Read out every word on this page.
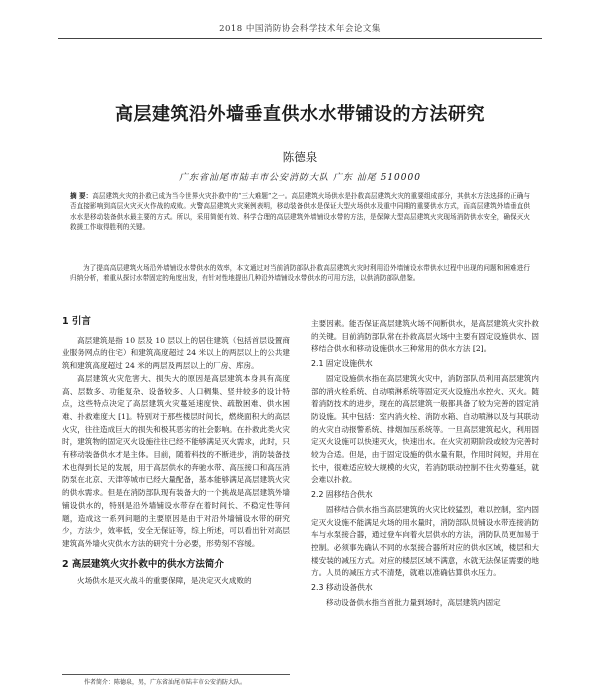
2018 中国消防协会科学技术年会论文集
高层建筑沿外墙垂直供水水带铺设的方法研究
陈德泉
广东省汕尾市陆丰市公安消防大队 广东 汕尾 510000
摘 要：高层建筑火灾的扑救已成为当今世界火灾扑救中的“三大难题”之一。高层建筑火场供水是扑救高层建筑火灾的重要组成部分，其供水方法选择的正确与否直接影响到高层火灾灭火作战的成败。火警高层建筑火灾案例表明，移动装备供水是保证大型火场供水及重中同期的重要供水方式，而高层建筑外墙垂直供水水是移动装备供水最主要的方式。所以，采用简便有效、科学合理的高层建筑外墙铺设水带的方法，是保障大型高层建筑火灾现场消防供水安全，确保灭火救援工作取得胜利的关键。
为了提高高层建筑火场沿外墙铺设水带供水的效率，本文通过对当前消防部队扑救高层建筑火灾时利用沿外墙铺设水带供水过程中出现的问题和困难进行归纳分析，着重从探讨水带固定的角度出发，有针对性地提出几种沿外墙铺设水带供水的可用方法，以供消防部队借鉴。
1 引言

高层建筑是指 10 层及 10 层以上的居住建筑（包括首层设置商业服务网点的住宅）和建筑高度超过 24 米以上的两层以上的公共建筑和建筑高度超过 24 米的两层及两层以上的厂房、库房。

高层建筑火灾危害大、损失大的原因是高层建筑本身具有高度高、层数多、功能复杂、设备较多、人口稠集、竖井较多的设计特点，这些特点决定了高层建筑火灾蔓延速度快、疏散困难、供水困难、扑救难度大 [1]。特别对于那些楼层时间长，燃烧面积大的高层火灾，往往造成巨大的损失和极其恶劣的社会影响。在扑救此类火灾时，建筑物的固定灭火设施往往已经不能够满足灭火需求，此时，只有移动装备供水才是主体。目前，随着科技的不断进步，消防装备技术也得到长足的发展，用于高层供水的奔驰水带、高压接口和高压消防泵在北京、天津等城市已经大量配备，基本能够满足高层建筑火灾的供水需求。但是在消防部队现有装备大的一个挑战是高层建筑外墙铺设供水的，特别是沿外墙铺设水带存在着时间长、不稳定性等问题，造成这一系列问题的主要原因是由于对沿外墙铺设水带的研究少，方法少，效率低，安全无保证等，综上所述，可以看出针对高层建筑高外墙火灾供水方法的研究十分必要，形势刻不容缓。

2 高层建筑火灾扑救中的供水方法简介

火场供水是灭火战斗的重要保障，是决定灭火成败的

主要因素。能否保证高层建筑火场不间断供水，是高层建筑火灾扑救的关键。目前消防部队常在扑救高层火场中主要有固定设施供水、固移结合供水和移动设施供水三种常用的供水方法 [2]。

2.1 固定设施供水

固定设施供水指在高层建筑火灾中，消防部队员利用高层建筑内部的消火栓系统、自动喷淋系统等固定灭火设施出水控火、灭火。随着消防技术的进步，现在的高层建筑一般都具备了较为完善的固定消防设施。其中包括：室内消火栓、消防水箱、自动喷淋以及与其联动的火灾自动报警系统、排烟加压系统等。一旦高层建筑起火，利用固定灭火设施可以快速灭火，快速出水。在火灾初期阶段或较为完善时较为合适。但是，由于固定设施的供水量有限，作用时间短，并用在长中，很难适应较大规模的火灾，若消防联动控制不住火势蔓延，就会难以扑救。

2.2 固移结合供水

固移结合供水指当高层建筑的火灾比较猛烈，难以控制，室内固定灭火设施不能满足火场的用水量时，消防部队员铺设水带连接消防车与水泵接合器，通过登车向着火层供水的方法，消防队员更加易于控制。必须事先确认不同的水泵接合器所对应的供水区域，楼层和大楼安装的减压方式。对应的楼层区域不满意，水就无法保证需要的地方。人员的减压方式不清楚，就难以准确估算供水压力。

2.3 移动设备供水

移动设备供水指当首批力量到场时，高层建筑内固定

作者简介：陈德泉，男，广东省汕尾市陆丰市公安消防大队。
